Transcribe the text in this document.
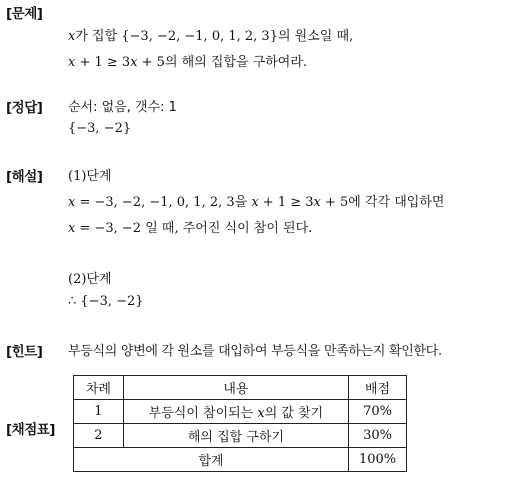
[문제]
[정답]
[해설]
[힌트]
[채점표]
𝑥가 집합 {−3, −2, −1, 0, 1, 2, 3}의 원소일 때,
𝑥 + 1 ≥ 3𝑥 + 5의 해의 집합을 구하여라.
순서: 없음, 갯수: 1
{−3, −2}
(1)단계
𝑥 = −3, −2, −1, 0, 1, 2, 3을 𝑥 + 1 ≥ 3𝑥 + 5에 각각 대입하면
𝑥 = −3, −2 일 때, 주어진 식이 참이 된다.
(2)단계
∴ {−3, −2}
부등식의 양변에 각 원소를 대입하여 부등식을 만족하는지 확인한다.
차례	내용	배점
1	부등식이 참이되는 𝑥의 값 찾기	70%
2	해의 집합 구하기	30%
합계		100%
